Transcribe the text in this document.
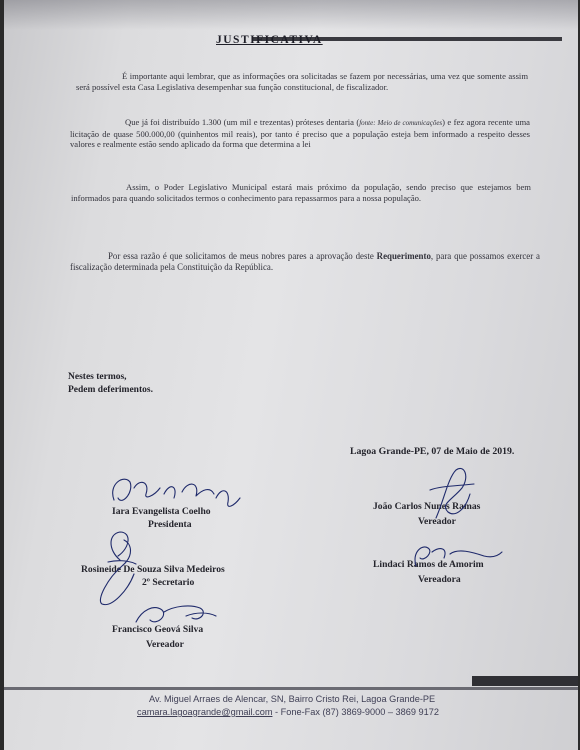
JUSTIFICATIVA
É importante aqui lembrar, que as informações ora solicitadas se fazem por necessárias, uma vez que somente assim será possível esta Casa Legislativa desempenhar sua função constitucional, de fiscalizador.
Que já foi distribuído 1.300 (um mil e trezentas) próteses dentaria (fonte: Meio de comunicações) e fez agora recente uma licitação de quase 500.000,00 (quinhentos mil reais), por tanto é preciso que a população esteja bem informado a respeito desses valores e realmente estão sendo aplicado da forma que determina a lei
Assim, o Poder Legislativo Municipal estará mais próximo da população, sendo preciso que estejamos bem informados para quando solicitados termos o conhecimento para repassarmos para a nossa população.
Por essa razão é que solicitamos de meus nobres pares a aprovação deste Requerimento, para que possamos exercer a fiscalização determinada pela Constituição da República.
Nestes termos,
Pedem deferimentos.
Lagoa Grande-PE, 07 de Maio de 2019.
Iara Evangelista Coelho
Presidenta
João Carlos Nunes Ramas
Vereador
Rosineide De Souza Silva Medeiros
2º Secretario
Lindaci Ramos de Amorim
Vereadora
Francisco Geová Silva
Vereador
Av. Miguel Arraes de Alencar, SN, Bairro Cristo Rei, Lagoa Grande-PE
camara.lagoagrande@gmail.com - Fone-Fax (87) 3869-9000 – 3869 9172
